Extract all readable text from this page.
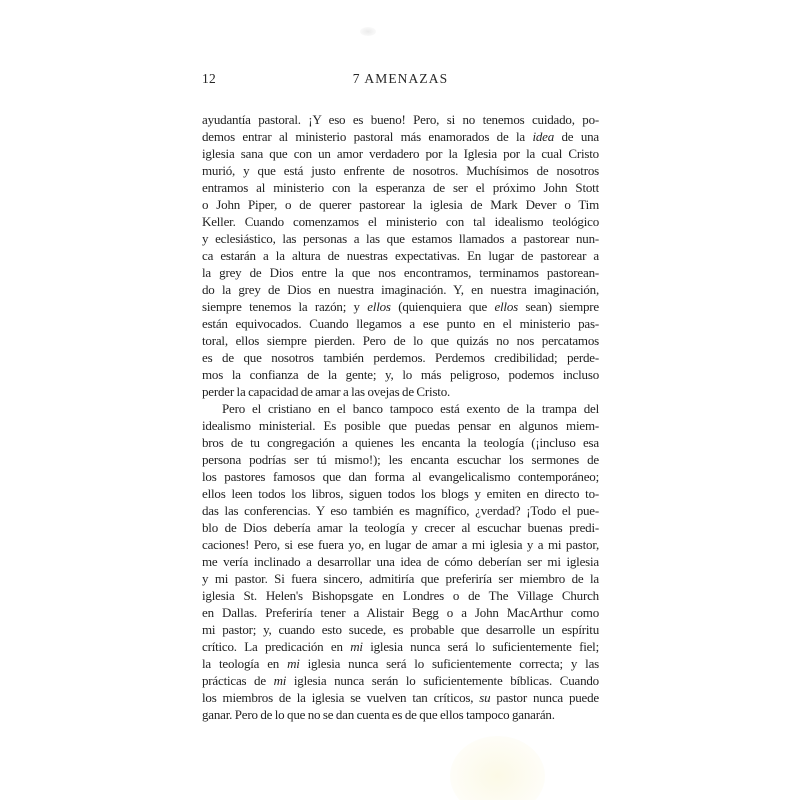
12	7 AMENAZAS
ayudantía pastoral. ¡Y eso es bueno! Pero, si no tenemos cuidado, po-
demos entrar al ministerio pastoral más enamorados de la idea de una
iglesia sana que con un amor verdadero por la Iglesia por la cual Cristo
murió, y que está justo enfrente de nosotros. Muchísimos de nosotros
entramos al ministerio con la esperanza de ser el próximo John Stott
o John Piper, o de querer pastorear la iglesia de Mark Dever o Tim
Keller. Cuando comenzamos el ministerio con tal idealismo teológico
y eclesiástico, las personas a las que estamos llamados a pastorear nun-
ca estarán a la altura de nuestras expectativas. En lugar de pastorear a
la grey de Dios entre la que nos encontramos, terminamos pastorean-
do la grey de Dios en nuestra imaginación. Y, en nuestra imaginación,
siempre tenemos la razón; y ellos (quienquiera que ellos sean) siempre
están equivocados. Cuando llegamos a ese punto en el ministerio pas-
toral, ellos siempre pierden. Pero de lo que quizás no nos percatamos
es de que nosotros también perdemos. Perdemos credibilidad; perde-
mos la confianza de la gente; y, lo más peligroso, podemos incluso
perder la capacidad de amar a las ovejas de Cristo.
Pero el cristiano en el banco tampoco está exento de la trampa del
idealismo ministerial. Es posible que puedas pensar en algunos miem-
bros de tu congregación a quienes les encanta la teología (¡incluso esa
persona podrías ser tú mismo!); les encanta escuchar los sermones de
los pastores famosos que dan forma al evangelicalismo contemporáneo;
ellos leen todos los libros, siguen todos los blogs y emiten en directo to-
das las conferencias. Y eso también es magnífico, ¿verdad? ¡Todo el pue-
blo de Dios debería amar la teología y crecer al escuchar buenas predi-
caciones! Pero, si ese fuera yo, en lugar de amar a mi iglesia y a mi pastor,
me vería inclinado a desarrollar una idea de cómo deberían ser mi iglesia
y mi pastor. Si fuera sincero, admitiría que preferiría ser miembro de la
iglesia St. Helen's Bishopsgate en Londres o de The Village Church
en Dallas. Preferiría tener a Alistair Begg o a John MacArthur como
mi pastor; y, cuando esto sucede, es probable que desarrolle un espíritu
crítico. La predicación en mi iglesia nunca será lo suficientemente fiel;
la teología en mi iglesia nunca será lo suficientemente correcta; y las
prácticas de mi iglesia nunca serán lo suficientemente bíblicas. Cuando
los miembros de la iglesia se vuelven tan críticos, su pastor nunca puede
ganar. Pero de lo que no se dan cuenta es de que ellos tampoco ganarán.
